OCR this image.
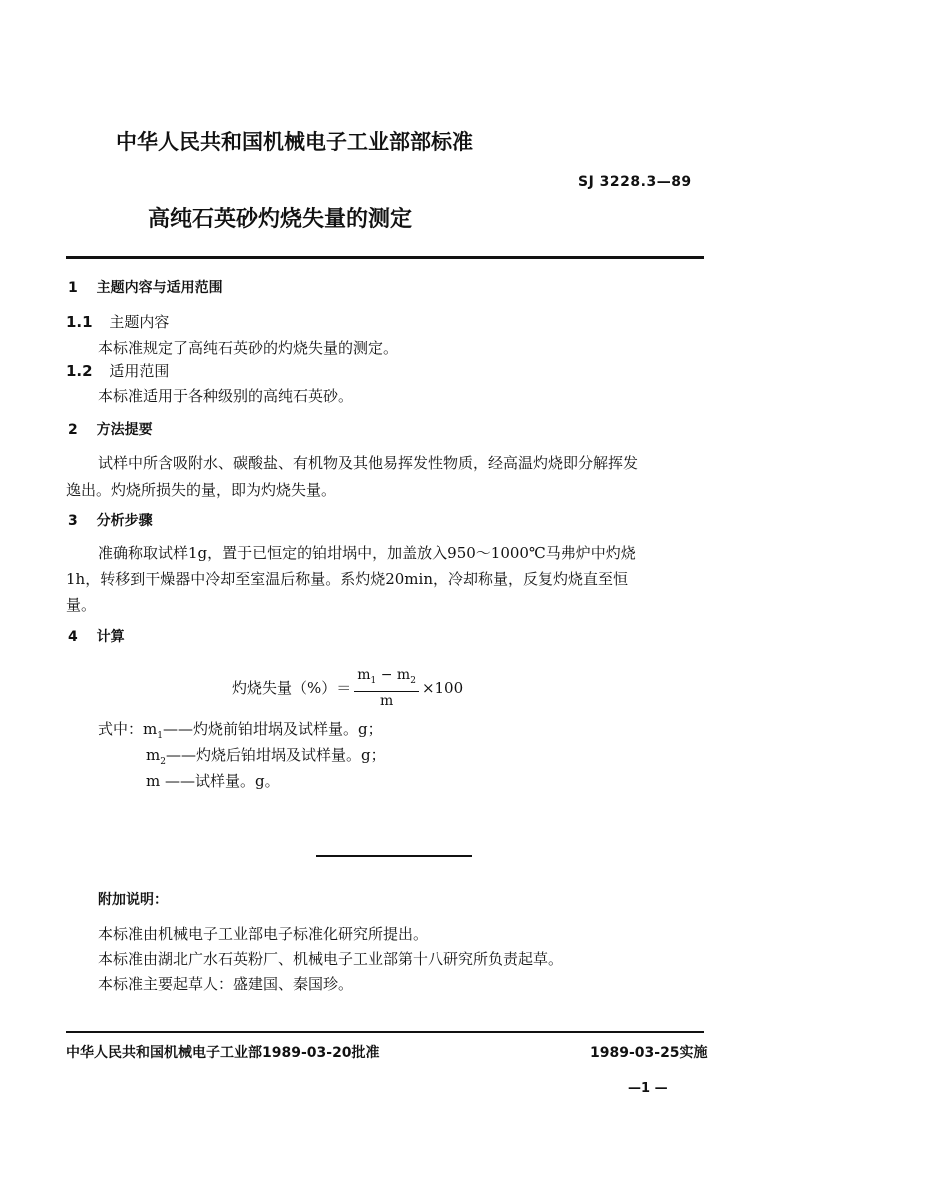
中华人民共和国机械电子工业部部标准
SJ 3228.3—89
高纯石英砂灼烧失量的测定
1 主题内容与适用范围
1.1 主题内容
本标准规定了高纯石英砂的灼烧失量的测定。
1.2 适用范围
本标准适用于各种级别的高纯石英砂。
2 方法提要
试样中所含吸附水、碳酸盐、有机物及其他易挥发性物质，经高温灼烧即分解挥发
逸出。灼烧所损失的量，即为灼烧失量。
3 分析步骤
准确称取试样1g，置于已恒定的铂坩埚中，加盖放入950～1000℃马弗炉中灼烧
1h，转移到干燥器中冷却至室温后称量。系灼烧20min，冷却称量，反复灼烧直至恒
量。
4 计算
灼烧失量（%）＝ $\frac{m_1 - m_2}{m} \times 100$
式中：$m_1——$灼烧前铂坩埚及试样量。g；
$m_2——$灼烧后铂坩埚及试样量。g；
m ——试样量。g。
附加说明：
本标准由机械电子工业部电子标准化研究所提出。
本标准由湖北广水石英粉厂、机械电子工业部第十八研究所负责起草。
本标准主要起草人：盛建国、秦国珍。
中华人民共和国机械电子工业部1989-03-20批准	1989-03-25实施
—1 —
